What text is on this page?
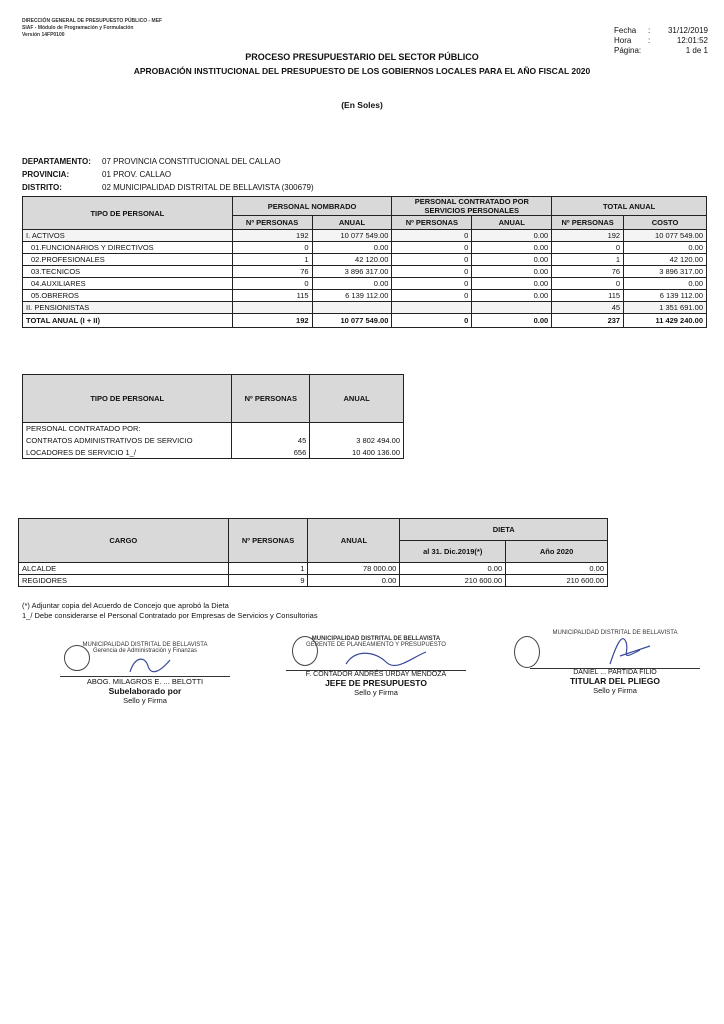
DIRECCIÓN GENERAL DE PRESUPUESTO PÚBLICO - MEF
SIAF - Módulo de Programación y Formulación
Versión 14FP0100	Fecha	:	31/12/2019
Hora	:	12:01:52
Página:	1 de 1
PROCESO PRESUPUESTARIO DEL SECTOR PÚBLICO
APROBACIÓN INSTITUCIONAL DEL PRESUPUESTO DE LOS GOBIERNOS LOCALES PARA EL AÑO FISCAL 2020
(En Soles)
DEPARTAMENTO: 07 PROVINCIA CONSTITUCIONAL DEL CALLAO
PROVINCIA:	01 PROV. CALLAO
DISTRITO:	02 MUNICIPALIDAD DISTRITAL DE BELLAVISTA (300679)
TIPO DE PERSONAL	PERSONAL NOMBRADO		PERSONAL CONTRATADO POR SERVICIOS PERSONALES		TOTAL ANUAL	
	Nº PERSONAS	ANUAL	Nº PERSONAS	ANUAL	Nº PERSONAS	COSTO
I. ACTIVOS	192	10 077 549.00	0	0.00	192	10 077 549.00
01.FUNCIONARIOS Y DIRECTIVOS	0	0.00	0	0.00	0	0.00
02.PROFESIONALES	1	42 120.00	0	0.00	1	42 120.00
03.TECNICOS	76	3 896 317.00	0	0.00	76	3 896 317.00
04.AUXILIARES	0	0.00	0	0.00	0	0.00
05.OBREROS	115	6 139 112.00	0	0.00	115	6 139 112.00
II. PENSIONISTAS					45	1 351 691.00
TOTAL ANUAL (I + II)	192	10 077 549.00	0	0.00	237	11 429 240.00
TIPO DE PERSONAL	Nº PERSONAS	ANUAL
PERSONAL CONTRATADO POR:		
CONTRATOS ADMINISTRATIVOS DE SERVICIO	45	3 802 494.00
LOCADORES DE SERVICIO 1_/	656	10 400 136.00
CARGO	Nº PERSONAS	ANUAL	DIETA	
			al 31. Dic.2019(*)	Año 2020
ALCALDE	1	78 000.00	0.00	0.00
REGIDORES	9	0.00	210 600.00	210 600.00
(*) Adjuntar copia del Acuerdo de Concejo que aprobó la Dieta
1_/ Debe considerarse el Personal Contratado por Empresas de Servicios y Consultorias
MUNICIPALIDAD DISTRITAL DE BELLAVISTA
Gerencia de Administración y Finanzas
ABOG. MILAGROS E. ... BELOTTI
Subelaborado por
Sello y Firma
MUNICIPALIDAD DISTRITAL DE BELLAVISTA
GERENTE DE PLANEAMIENTO Y PRESUPUESTO
F. CONTADOR ANDRÉS URDAY MENDOZA
JEFE DE PRESUPUESTO
Sello y Firma
MUNICIPALIDAD DISTRITAL DE BELLAVISTA
DANIEL ... PARTIDA FILIO
TITULAR DEL PLIEGO
Sello y Firma
